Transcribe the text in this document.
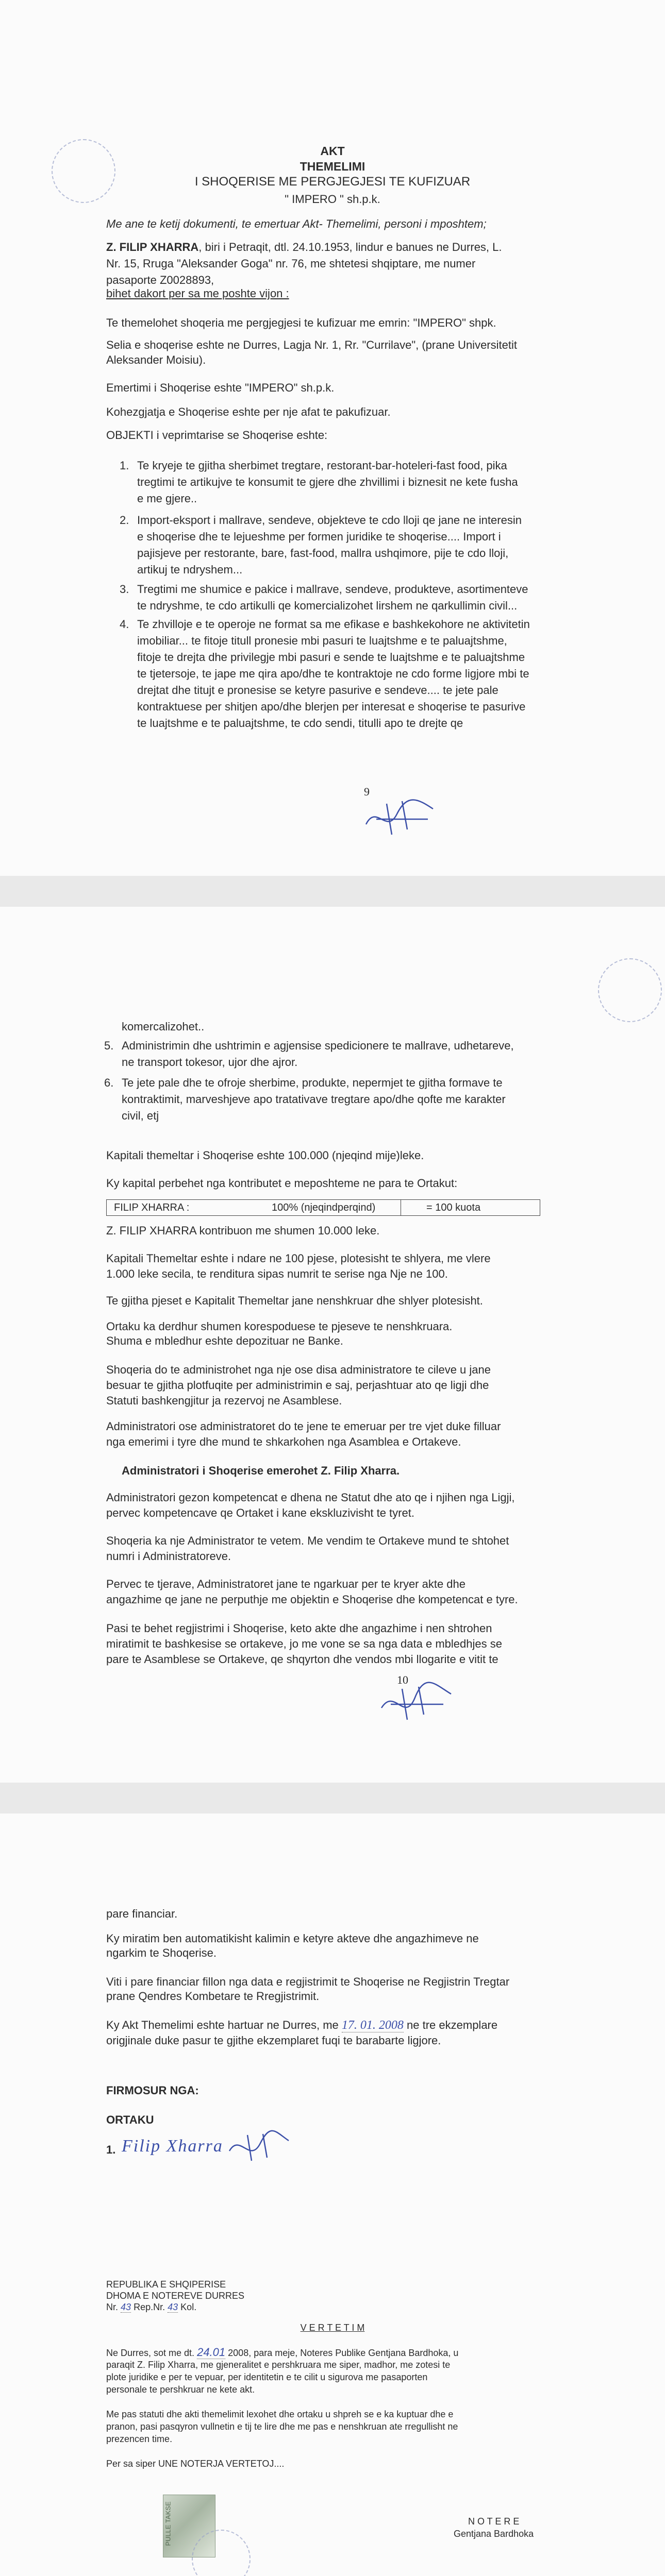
AKT
THEMELIMI
I SHOQERISE ME PERGJEGJESI TE KUFIZUAR
" IMPERO " sh.p.k.
Me ane te ketij dokumenti, te emertuar Akt- Themelimi, personi i mposhtem;
Z. FILIP XHARRA, biri i Petraqit, dtl. 24.10.1953, lindur e banues ne Durres, L.
Nr. 15, Rruga "Aleksander Goga" nr. 76, me shtetesi shqiptare, me numer
pasaporte Z0028893,
bihet dakort per sa me poshte vijon :
Te themelohet shoqeria me pergjegjesi te kufizuar me emrin: "IMPERO" shpk.
Selia e shoqerise eshte ne Durres, Lagja Nr. 1, Rr. "Currilave", (prane Universitetit
Aleksander Moisiu).
Emertimi i Shoqerise eshte "IMPERO" sh.p.k.
Kohezgjatja e Shoqerise eshte per nje afat te pakufizuar.
OBJEKTI i veprimtarise se Shoqerise eshte:
1. Te kryeje te gjitha sherbimet tregtare, restorant-bar-hoteleri-fast food, pika
tregtimi te artikujve te konsumit te gjere dhe zhvillimi i biznesit ne kete fusha
e me gjere..
2. Import-eksport i mallrave, sendeve, objekteve te cdo lloji qe jane ne interesin
e shoqerise dhe te lejueshme per formen juridike te shoqerise.... Import i
pajisjeve per restorante, bare, fast-food, mallra ushqimore, pije te cdo lloji,
artikuj te ndryshem...
3. Tregtimi me shumice e pakice i mallrave, sendeve, produkteve, asortimenteve
te ndryshme, te cdo artikulli qe komercializohet lirshem ne qarkullimin civil...
4. Te zhvilloje e te operoje ne format sa me efikase e bashkekohore ne aktivitetin
imobiliar... te fitoje titull pronesie mbi pasuri te luajtshme e te paluajtshme,
fitoje te drejta dhe privilegje mbi pasuri e sende te luajtshme e te paluajtshme
te tjetersoje, te jape me qira apo/dhe te kontraktoje ne cdo forme ligjore mbi te
drejtat dhe titujt e pronesise se ketyre pasurive e sendeve.... te jete pale
kontraktuese per shitjen apo/dhe blerjen per interesat e shoqerise te pasurive
te luajtshme e te paluajtshme, te cdo sendi, titulli apo te drejte qe
9
komercalizohet..
5. Administrimin dhe ushtrimin e agjensise spedicionere te mallrave, udhetareve,
ne transport tokesor, ujor dhe ajror.
6. Te jete pale dhe te ofroje sherbime, produkte, nepermjet te gjitha formave te
kontraktimit, marveshjeve apo tratativave tregtare apo/dhe qofte me karakter
civil, etj
Kapitali themeltar i Shoqerise eshte 100.000 (njeqind mije)leke.
Ky kapital perbehet nga kontributet e meposhteme ne para te Ortakut:
FILIP XHARRA :	100% (njeqindperqind)	= 100 kuota
Z. FILIP XHARRA kontribuon me shumen 10.000 leke.
Kapitali Themeltar eshte i ndare ne 100 pjese, plotesisht te shlyera, me vlere
1.000 leke secila, te renditura sipas numrit te serise nga Nje ne 100.
Te gjitha pjeset e Kapitalit Themeltar jane nenshkruar dhe shlyer plotesisht.
Ortaku ka derdhur shumen korespoduese te pjeseve te nenshkruara.
Shuma e mbledhur eshte depozituar ne Banke.
Shoqeria do te administrohet nga nje ose disa administratore te cileve u jane
besuar te gjitha plotfuqite per administrimin e saj, perjashtuar ato qe ligji dhe
Statuti bashkengjitur ja rezervoj ne Asamblese.
Administratori ose administratoret do te jene te emeruar per tre vjet duke filluar
nga emerimi i tyre dhe mund te shkarkohen nga Asamblea e Ortakeve.
Administratori i Shoqerise emerohet Z. Filip Xharra.
Administratori gezon kompetencat e dhena ne Statut dhe ato qe i njihen nga Ligji,
pervec kompetencave qe Ortaket i kane ekskluzivisht te tyret.
Shoqeria ka nje Administrator te vetem. Me vendim te Ortakeve mund te shtohet
numri i Administratoreve.
Pervec te tjerave, Administratoret jane te ngarkuar per te kryer akte dhe
angazhime qe jane ne perputhje me objektin e Shoqerise dhe kompetencat e tyre.
Pasi te behet regjistrimi i Shoqerise, keto akte dhe angazhime i nen shtrohen
miratimit te bashkesise se ortakeve, jo me vone se sa nga data e mbledhjes se
pare te Asamblese se Ortakeve, qe shqyrton dhe vendos mbi llogarite e vitit te
10
pare financiar.
Ky miratim ben automatikisht kalimin e ketyre akteve dhe angazhimeve ne
ngarkim te Shoqerise.
Viti i pare financiar fillon nga data e regjistrimit te Shoqerise ne Regjistrin Tregtar
prane Qendres Kombetare te Rregjistrimit.
Ky Akt Themelimi eshte hartuar ne Durres, me 17. 01. 2008 ne tre ekzemplare
origjinale duke pasur te gjithe ekzemplaret fuqi te barabarte ligjore.
FIRMOSUR NGA:
ORTAKU
1. Filip Xharra
REPUBLIKA E SHQIPERISE
DHOMA E NOTEREVE DURRES
Nr. 43 Rep.Nr. 43 Kol.
V E R T E T I M
Ne Durres, sot me dt. 24.01 2008, para meje, Noteres Publike Gentjana Bardhoka, u
paraqit Z. Filip Xharra, me gjeneralitet e pershkruara me siper, madhor, me zotesi te
plote juridike e per te vepuar, per identitetin e te cilit u sigurova me pasaporten
personale te pershkruar ne kete akt.
Me pas statuti dhe akti themelimit lexohet dhe ortaku u shpreh se e ka kuptuar dhe e
pranon, pasi pasqyron vullnetin e tij te lire dhe me pas e nenshkruan ate rregullisht ne
prezencen time.
Per sa siper UNE NOTERJA VERTETOJ....
N O T E R E
Gentjana Bardhoka
PULLE TAKSE
